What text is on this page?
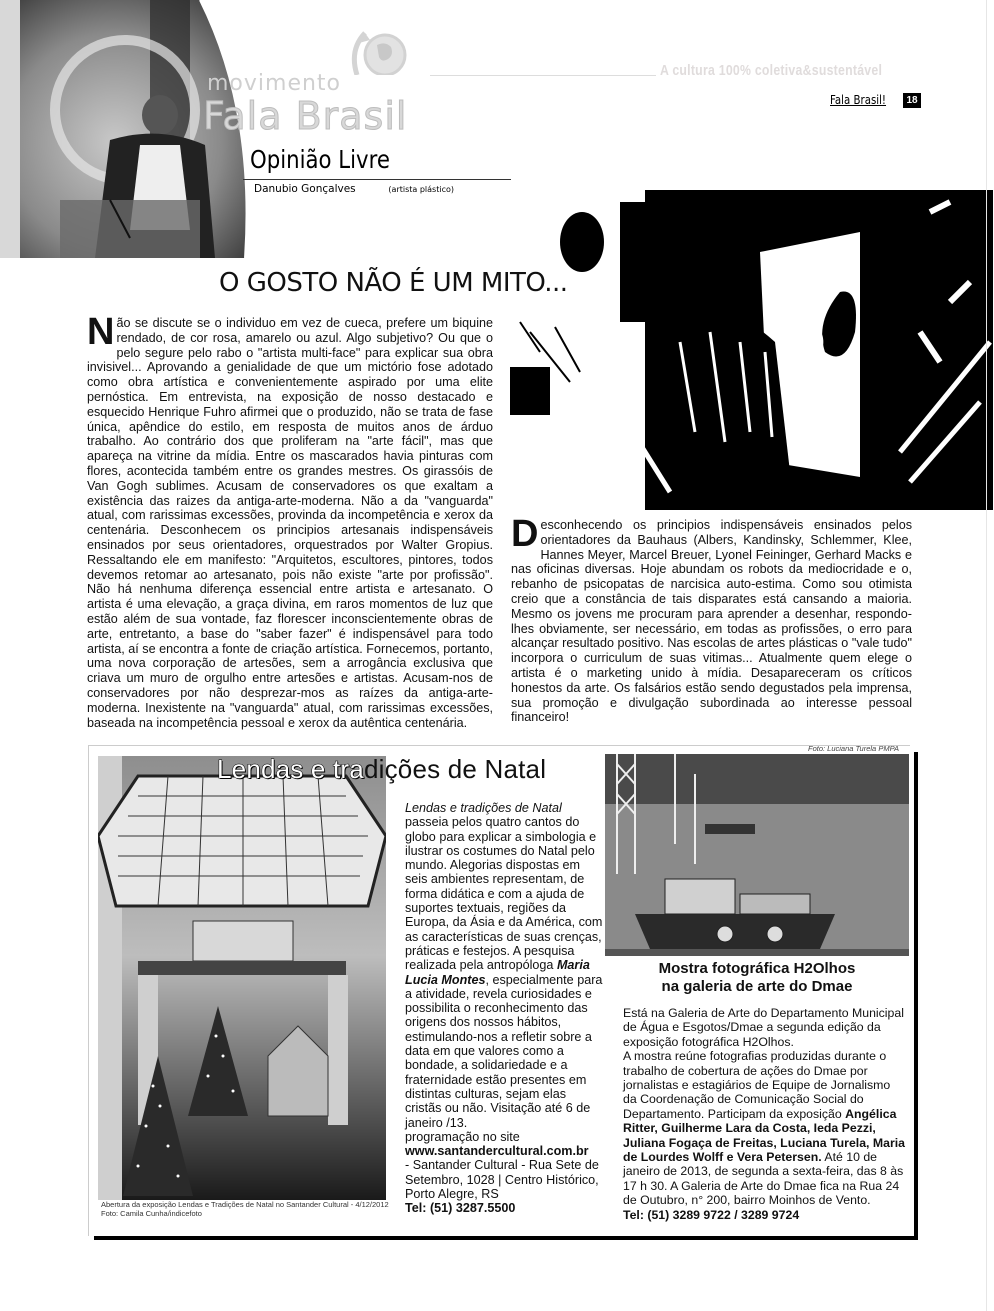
movimento
Fala Brasil
A cultura 100% coletiva&sustentável
Fala Brasil!	18
Opinião Livre
Danubio Gonçalves	(artista plástico)
O GOSTO NÃO É UM MITO...
Não se discute se o individuo em vez de cueca, prefere um biquine rendado, de cor rosa, amarelo ou azul. Algo subjetivo? Ou que o pelo segure pelo rabo o "artista multi-face" para explicar sua obra invisivel... Aprovando a genialidade de que um mictório fose adotado como obra artística e convenientemente aspirado por uma elite pernóstica. Em entrevista, na exposição de nosso destacado e esquecido Henrique Fuhro afirmei que o produzido, não se trata de fase única, apêndice do estilo, em resposta de muitos anos de árduo trabalho. Ao contrário dos que proliferam na "arte fácil", mas que apareça na vitrine da mídia. Entre os mascarados havia pinturas com flores, acontecida também entre os grandes mestres. Os girassóis de Van Gogh sublimes. Acusam de conservadores os que exaltam a existência das raizes da antiga-arte-moderna. Não a da "vanguarda" atual, com rarissimas excessões, provinda da incompetência e xerox da centenária. Desconhecem os principios artesanais indispensáveis ensinados por seus orientadores, orquestrados por Walter Gropius. Ressaltando ele em manifesto: "Arquitetos, escultores, pintores, todos devemos retomar ao artesanato, pois não existe "arte por profissão". Não há nenhuma diferença essencial entre artista e artesanato. O artista é uma elevação, a graça divina, em raros momentos de luz que estão além de sua vontade, faz florescer inconscientemente obras de arte, entretanto, a base do "saber fazer" é indispensável para todo artista, aí se encontra a fonte de criação artística. Fornecemos, portanto, uma nova corporação de artesões, sem a arrogância exclusiva que criava um muro de orgulho entre artesões e artistas. Acusam-nos de conservadores por não desprezar-mos as raízes da antiga-arte-moderna. Inexistente na "vanguarda" atual, com rarissimas excessões, baseada na incompetência pessoal e xerox da autêntica centenária.
Desconhecendo os principios indispensáveis ensinados pelos orientadores da Bauhaus (Albers, Kandinsky, Schlemmer, Klee, Hannes Meyer, Marcel Breuer, Lyonel Feininger, Gerhard Macks e nas oficinas diversas. Hoje abundam os robots da mediocridade e o, rebanho de psicopatas de narcisica auto-estima. Como sou otimista creio que a constância de tais disparates está cansando a maioria. Mesmo os jovens me procuram para aprender a desenhar, respondo-lhes obviamente, ser necessário, em todas as profissões, o erro para alcançar resultado positivo. Nas escolas de artes plásticas o "vale tudo" incorpora o curriculum de suas vitimas... Atualmente quem elege o artista é o marketing unido à mídia. Desapareceram os críticos honestos da arte. Os falsários estão sendo degustados pela imprensa, sua promoção e divulgação subordinada ao interesse pessoal financeiro!
Lendas e tradições de Natal
Abertura da exposição Lendas e Tradições de Natal no Santander Cultural - 4/12/2012
Foto: Camila Cunha/indicefoto
Lendas e tradições de Natal passeia pelos quatro cantos do globo para explicar a simbologia e ilustrar os costumes do Natal pelo mundo. Alegorias dispostas em seis ambientes representam, de forma didática e com a ajuda de suportes textuais, regiões da Europa, da Ásia e da América, com as características de suas crenças, práticas e festejos. A pesquisa realizada pela antropóloga Maria Lucia Montes, especialmente para a atividade, revela curiosidades e possibilita o reconhecimento das origens dos nossos hábitos, estimulando-nos a refletir sobre a data em que valores como a bondade, a solidariedade e a fraternidade estão presentes em distintas culturas, sejam elas cristãs ou não. Visitação até 6 de janeiro /13.
programação no site
www.santandercultural.com.br
- Santander Cultural - Rua Sete de Setembro, 1028 | Centro Histórico, Porto Alegre, RS
Tel: (51) 3287.5500
Foto: Luciana Turela PMPA
Mostra fotográfica H2Olhos
na galeria de arte do Dmae
Está na Galeria de Arte do Departamento Municipal de Água e Esgotos/Dmae a segunda edição da exposição fotográfica H2Olhos.
A mostra reúne fotografias produzidas durante o trabalho de cobertura de ações do Dmae por jornalistas e estagiários de Equipe de Jornalismo da Coordenação de Comunicação Social do Departamento. Participam da exposição Angélica Ritter, Guilherme Lara da Costa, Ieda Pezzi, Juliana Fogaça de Freitas, Luciana Turela, Maria de Lourdes Wolff e Vera Petersen. Até 10 de janeiro de 2013, de segunda a sexta-feira, das 8 às 17 h 30. A Galeria de Arte do Dmae fica na Rua 24 de Outubro, n° 200, bairro Moinhos de Vento.
Tel: (51) 3289 9722 / 3289 9724
